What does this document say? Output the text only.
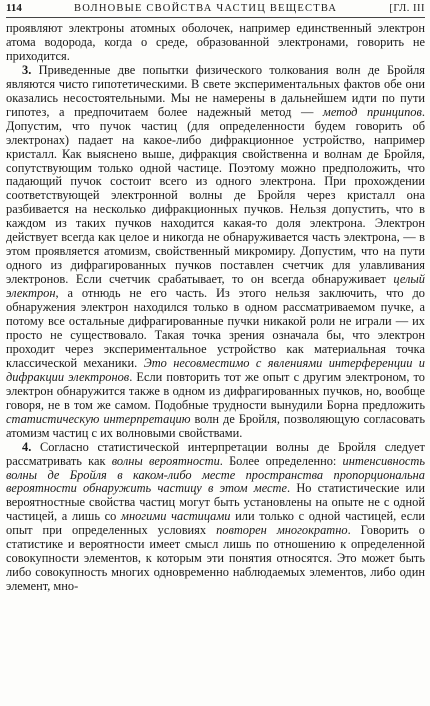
114	ВОЛНОВЫЕ СВОЙСТВА ЧАСТИЦ ВЕЩЕСТВА	[ГЛ. III

проявляют электроны атомных оболочек, например единственный электрон атома водорода, когда о среде, образованной электронами, говорить не приходится.

3. Приведенные две попытки физического толкования волн де Бройля являются чисто гипотетическими. В свете экспериментальных фактов обе они оказались несостоятельными. Мы не намерены в дальнейшем идти по пути гипотез, а предпочитаем более надежный метод — метод принципов. Допустим, что пучок частиц (для определенности будем говорить об электронах) падает на какое-либо дифракционное устройство, например кристалл. Как выяснено выше, дифракция свойственна и волнам де Бройля, сопутствующим только одной частице. Поэтому можно предположить, что падающий пучок состоит всего из одного электрона. При прохождении соответствующей электронной волны де Бройля через кристалл она разбивается на несколько дифракционных пучков. Нельзя допустить, что в каждом из таких пучков находится какая-то доля электрона. Электрон действует всегда как целое и никогда не обнаруживается часть электрона, — в этом проявляется атомизм, свойственный микромиру. Допустим, что на пути одного из дифрагированных пучков поставлен счетчик для улавливания электронов. Если счетчик срабатывает, то он всегда обнаруживает целый электрон, а отнюдь не его часть. Из этого нельзя заключить, что до обнаружения электрон находился только в одном рассматриваемом пучке, а потому все остальные дифрагированные пучки никакой роли не играли — их просто не существовало. Такая точка зрения означала бы, что электрон проходит через экспериментальное устройство как материальная точка классической механики. Это несовместимо с явлениями интерференции и дифракции электронов. Если повторить тот же опыт с другим электроном, то электрон обнаружится также в одном из дифрагированных пучков, но, вообще говоря, не в том же самом. Подобные трудности вынудили Борна предложить статистическую интерпретацию волн де Бройля, позволяющую согласовать атомизм частиц с их волновыми свойствами.

4. Согласно статистической интерпретации волны де Бройля следует рассматривать как волны вероятности. Более определенно: интенсивность волны де Бройля в каком-либо месте пространства пропорциональна вероятности обнаружить частицу в этом месте. Но статистические или вероятностные свойства частиц могут быть установлены на опыте не с одной частицей, а лишь со многими частицами или только с одной частицей, если опыт при определенных условиях повторен многократно. Говорить о статистике и вероятности имеет смысл лишь по отношению к определенной совокупности элементов, к которым эти понятия относятся. Это может быть либо совокупность многих одновременно наблюдаемых элементов, либо один элемент, мно-
